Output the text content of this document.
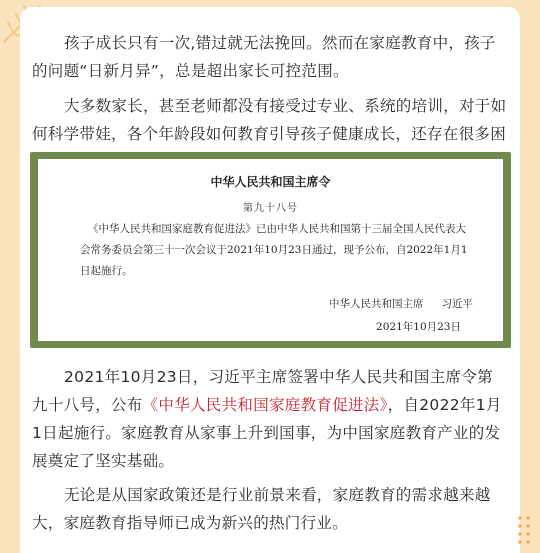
孩子成长只有一次,错过就无法挽回。然而在家庭教育中，孩子的问题“日新月异”，总是超出家长可控范围。

大多数家长，甚至老师都没有接受过专业、系统的培训，对于如何科学带娃，各个年龄段如何教育引导孩子健康成长，还存在很多困

中华人民共和国主席令
第九十八号
《中华人民共和国家庭教育促进法》已由中华人民共和国第十三届全国人民代表大会常务委员会第三十一次会议于2021年10月23日通过，现予公布，自2022年1月1日起施行。
中华人民共和国主席 习近平
2021年10月23日

2021年10月23日，习近平主席签署中华人民共和国主席令第九十八号，公布《中华人民共和国家庭教育促进法》，自2022年1月1日起施行。家庭教育从家事上升到国事，为中国家庭教育产业的发展奠定了坚实基础。

无论是从国家政策还是行业前景来看，家庭教育的需求越来越大，家庭教育指导师已成为新兴的热门行业。
